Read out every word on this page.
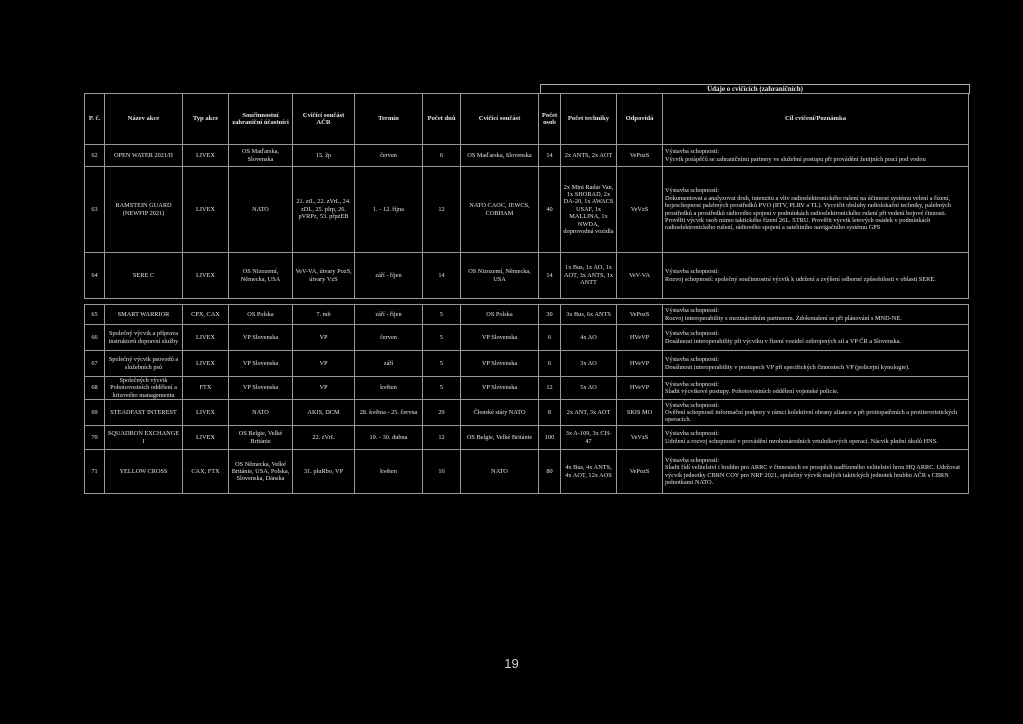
Údaje o cvičících (zahraničních)
P. č.	Název akce	Typ akce	Součinnostní zahraniční účastníci	Cvičící součást AČR	Termín	Počet dnů	Cvičící součást	Počet osob	Počet techniky	Odpovídá	Cíl cvičení/Poznámka
62	OPEN WATER 2021/II	LIVEX	OS Maďarska, Slovenska	15. žp	červen	6	OS Maďarska, Slovenska	14	2x ANTS, 2x AOT	VePozS	Výstavba schopností:
Výcvik potápěčů se zahraničními partnery ve služební postupu při provádění ženijních prací pod vodou
63	RAMSTEIN GUARD (NEWFIP 2021)	LIVEX	NATO	21. ztL, 22. zVrL, 24. zDL, 25. plrp, 26. pVRPz, 53. přpzEB	1. - 12. října	12	NATO CAOC, JEWCS, COBHAM	40	2x Mini Radar Van, 1x SHORAD, 2x DA-20, 1x AWACS USAF, 1x MALLINA, 1x NWDA, doprovodná vozidla	VeVzS	Výstavba schopností:
Dokumentovat a analyzovat druh, intenzitu a vliv radioelektronického rušení na účinnost systému velení a řízení, bojeschopnost palebných prostředků PVO (RTV, PLRV a TL). Vycvičit obsluhy radiolokační techniky, palebných prostředků a prostředků rádiového spojení v podmínkách radioelektronického rušení při vedení bojové činnosti. Prověřit výcvik osob mimo taktického řízení 26L. STRU. Prověřit výcvik letových osádek v podmínkách radioelektronického rušení, rádiového spojení a satelitního navigačního systému GPS
64	SERE C	LIVEX	OS Nizozemí, Německa, USA	VeV-VA, útvary PozS, útvary VzS	září - říjen	14	OS Nizozemí, Německa, USA	14	1x Bus, 1x AO, 1x AOT, 3x ANTS, 1x ANTT	VeV-VA	Výstavba schopností:
Rozvoj schopností: společný součinnostní výcvik k udržení a zvýšení odborné způsobilosti v oblasti SERE.

65	SMART WARRIOR	CPX, CAX	OS Polska	7. mb	září - říjen	5	OS Polska	30	3x Bus, 6x ANTS	VePozS	Výstavba schopností:
Rozvoj interoperability s mezinárodním partnerem. Zdokonalení se při plánování s MND-NE.
66	Společný výcvik a příprava instruktorů dopravní služby	LIVEX	VP Slovenska	VP	červen	5	VP Slovenska	6	4x AO	HVeVP	Výstavba schopností:
Dosáhnout interoperability při výcviku v řízení vozidel ozbrojených sil a VP ČR a Slovenska.
67	Společný výcvik psovodů a služebních psů	LIVEX	VP Slovenska	VP	září	5	VP Slovenska	6	3x AO	HVeVP	Výstavba schopností:
Dosáhnout interoperability v postupech VP při specifických činnostech VP (policejní kynologie).
68	Společných výcvik Pohotovostních oddělení a krizového managementu	FTX	VP Slovenska	VP	květen	5	VP Slovenska	12	5x AO	HVeVP	Výstavba schopností:
Sladit výcvikové postupy. Pohotovostních oddělení vojenské policie.
69	STEADFAST INTEREST	LIVEX	NATO	AKIS, DCM	28. května - 25. června	29	Členské státy NATO	8	2x ANT, 3x AOT	SKIS MO	Výstavba schopností:
Ověření schopností informační podpory v rámci kolektivní obrany aliance a při protiopatřeních a protiteroristických operacích.
70	SQUADRON EXCHANGE I	LIVEX	OS Belgie, Velké Británie	22. zVrL	19. - 30. dubna	12	OS Belgie, Velké Británie	100	3x A-109, 3x CH-47	VeVzS	Výstavba schopností:
Udržení a rozvoj schopností v provádění mrohonárodních vrtulníkových operací. Nácvik plnění úkolů HNS.
71	YELLOW CROSS	CAX, FTX	OS Německa, Velké Británie, USA, Polska, Slovenska, Dánska	31. pluRbo, VP	květen	16	NATO	80	4x Bus, 4x ANTS, 4x AOT, 12x AOS	VePozS	Výstavba schopností:
Sladit řídí velitelství i hrubho pro ARRC v činnostech ve prospěch nadřízeného velitelství hrou HQ ARRC. Udržovat výcvik jednotky CBRN COY pro NRF 2021, společný výcvik malých taktických jednotek hrubho AČR s CBRN jednotkami NATO.
19
